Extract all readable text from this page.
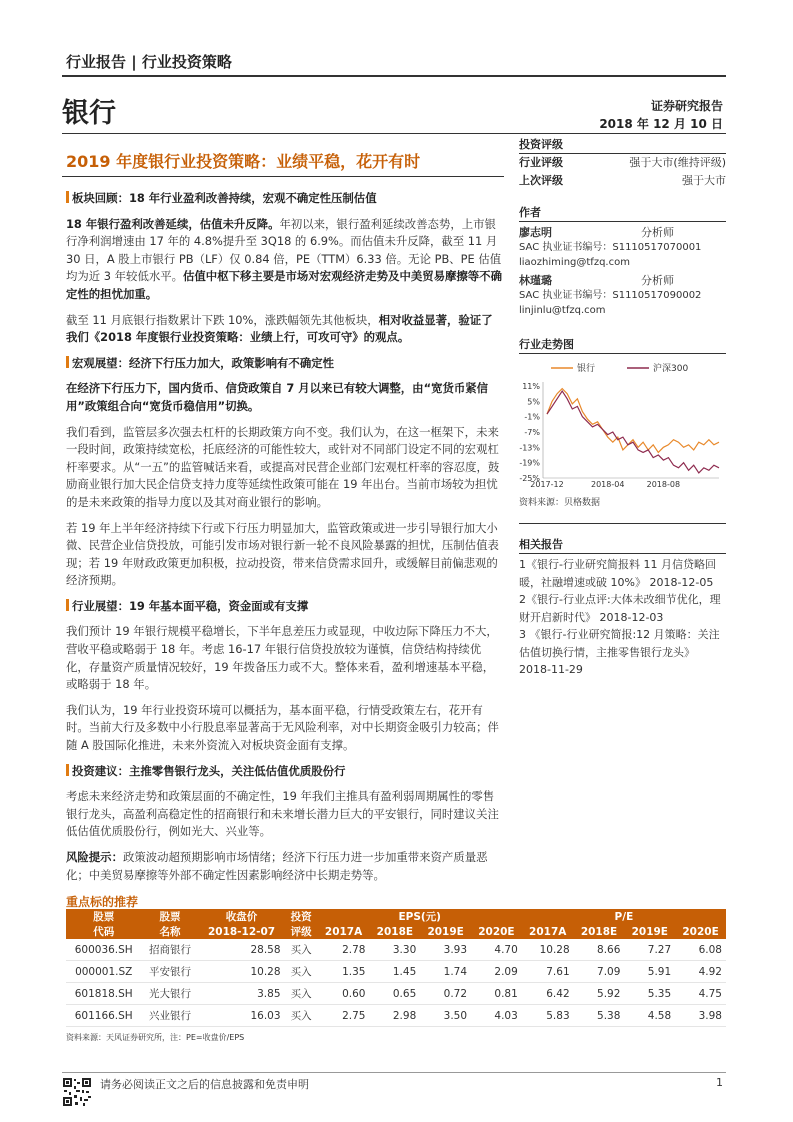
行业报告 | 行业投资策略
银行	证券研究报告
2018 年 12 月 10 日
2019 年度银行业投资策略：业绩平稳，花开有时

板块回顾：18 年行业盈利改善持续，宏观不确定性压制估值

18 年银行盈利改善延续，估值未升反降。年初以来，银行盈利延续改善态势，上市银行净利润增速由 17 年的 4.8%提升至 3Q18 的 6.9%。而估值未升反降，截至 11 月 30 日，A 股上市银行 PB（LF）仅 0.84 倍，PE（TTM）6.33 倍。无论 PB、PE 估值均为近 3 年较低水平。估值中枢下移主要是市场对宏观经济走势及中美贸易摩擦等不确定性的担忧加重。

截至 11 月底银行指数累计下跌 10%，涨跌幅领先其他板块，相对收益显著，验证了我们《2018 年度银行业投资策略：业绩上行，可攻可守》的观点。

宏观展望：经济下行压力加大，政策影响有不确定性

在经济下行压力下，国内货币、信贷政策自 7 月以来已有较大调整，由“宽货币紧信用”政策组合向“宽货币稳信用”切换。

我们看到，监管层多次强去杠杆的长期政策方向不变。我们认为，在这一框架下，未来一段时间，政策持续宽松，托底经济的可能性较大，或针对不同部门设定不同的宏观杠杆率要求。从“一五”的监管喊话来看，或提高对民营企业部门宏观杠杆率的容忍度，鼓励商业银行加大民企信贷支持力度等延续性政策可能在 19 年出台。当前市场较为担忧的是未来政策的指导力度以及其对商业银行的影响。

若 19 年上半年经济持续下行或下行压力明显加大，监管政策或进一步引导银行加大小微、民营企业信贷投放，可能引发市场对银行新一轮不良风险暴露的担忧，压制估值表现；若 19 年财政政策更加积极，拉动投资，带来信贷需求回升，或缓解目前偏悲观的经济预期。

行业展望：19 年基本面平稳，资金面或有支撑

我们预计 19 年银行规模平稳增长，下半年息差压力或显现，中收边际下降压力不大，营收平稳或略弱于 18 年。考虑 16-17 年银行信贷投放较为谨慎，信贷结构持续优化，存量资产质量情况较好，19 年拨备压力或不大。整体来看，盈利增速基本平稳，或略弱于 18 年。

我们认为，19 年行业投资环境可以概括为，基本面平稳，行情受政策左右，花开有时。当前大行及多数中小行股息率显著高于无风险利率，对中长期资金吸引力较高；伴随 A 股国际化推进，未来外资流入对板块资金面有支撑。

投资建议：主推零售银行龙头，关注低估值优质股份行

考虑未来经济走势和政策层面的不确定性，19 年我们主推具有盈利弱周期属性的零售银行龙头，高盈利高稳定性的招商银行和未来增长潜力巨大的平安银行，同时建议关注低估值优质股份行，例如光大、兴业等。

风险提示：政策波动超预期影响市场情绪；经济下行压力进一步加重带来资产质量恶化；中美贸易摩擦等外部不确定性因素影响经济中长期走势等。

投资评级
行业评级	强于大市(维持评级)
上次评级	强于大市
作者
廖志明	分析师
SAC 执业证书编号：S1110517070001
liaozhiming@tfzq.com
林瑾璐	分析师
SAC 执业证书编号：S1110517090002
linjinlu@tfzq.com
行业走势图
银行	沪深300
11%
5%
-1%
-7%
-13%
-19%
-25%
2017-12	2018-04	2018-08
资料来源：贝格数据
相关报告
1《银行-行业研究简报料 11 月信贷略回暖，社融增速或破 10%》 2018-12-05
2《银行-行业点评:大体未改细节优化，理财开启新时代》 2018-12-03
3 《银行-行业研究简报:12 月策略：关注估值切换行情，主推零售银行龙头》
2018-11-29
重点标的推荐
股票	股票	收盘价	投资	EPS(元)				P/E			
代码	名称	2018-12-07	评级	2017A	2018E	2019E	2020E	2017A	2018E	2019E	2020E
600036.SH	招商银行	28.58	买入	2.78	3.30	3.93	4.70	10.28	8.66	7.27	6.08
000001.SZ	平安银行	10.28	买入	1.35	1.45	1.74	2.09	7.61	7.09	5.91	4.92
601818.SH	光大银行	3.85	买入	0.60	0.65	0.72	0.81	6.42	5.92	5.35	4.75
601166.SH	兴业银行	16.03	买入	2.75	2.98	3.50	4.03	5.83	5.38	4.58	3.98
资料来源：天风证券研究所，注：PE=收盘价/EPS
请务必阅读正文之后的信息披露和免责申明	1
